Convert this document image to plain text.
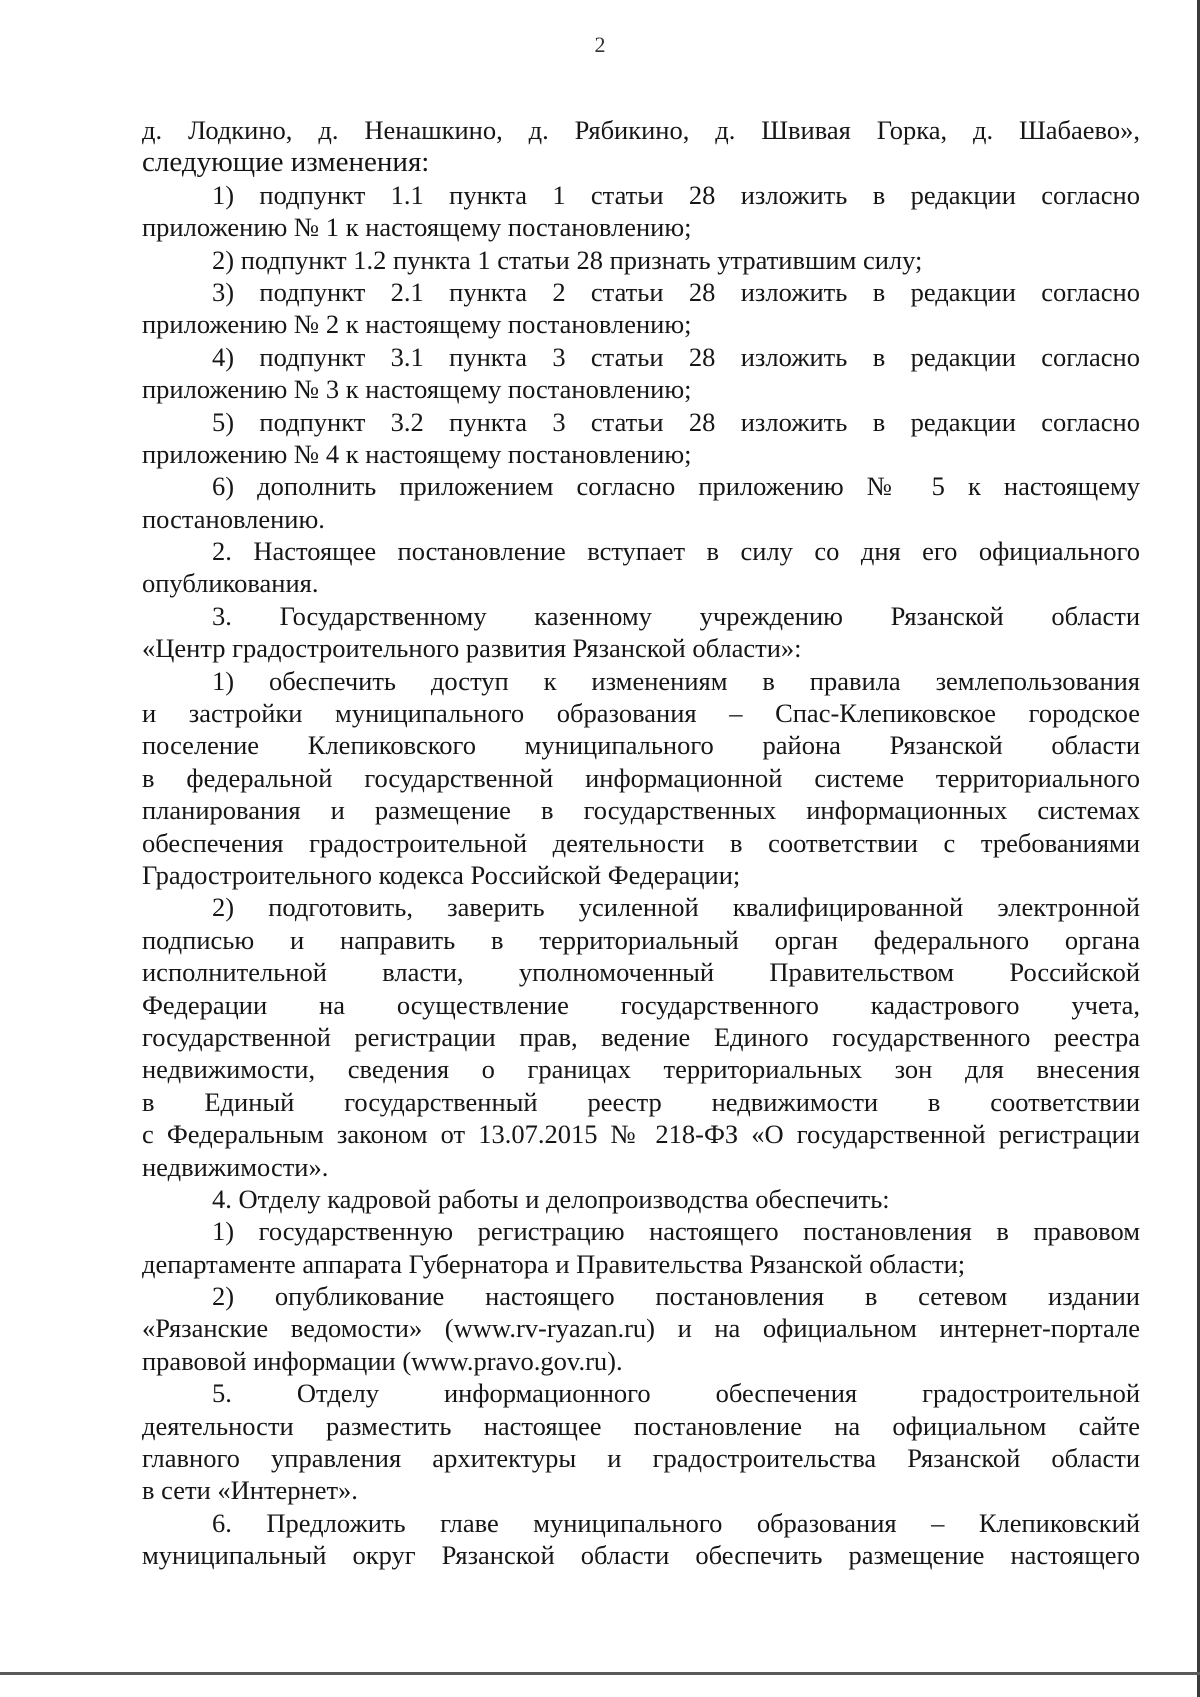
2
д. Лодкино, д. Ненашкино, д. Рябикино, д. Швивая Горка, д. Шабаево»,
следующие изменения:
1) подпункт 1.1 пункта 1 статьи 28 изложить в редакции согласно
приложению № 1 к настоящему постановлению;
2) подпункт 1.2 пункта 1 статьи 28 признать утратившим силу;
3) подпункт 2.1 пункта 2 статьи 28 изложить в редакции согласно
приложению № 2 к настоящему постановлению;
4) подпункт 3.1 пункта 3 статьи 28 изложить в редакции согласно
приложению № 3 к настоящему постановлению;
5) подпункт 3.2 пункта 3 статьи 28 изложить в редакции согласно
приложению № 4 к настоящему постановлению;
6) дополнить приложением согласно приложению № 5 к настоящему
постановлению.
2. Настоящее постановление вступает в силу со дня его официального
опубликования.
3. Государственному казенному учреждению Рязанской области
«Центр градостроительного развития Рязанской области»:
1) обеспечить доступ к изменениям в правила землепользования
и застройки муниципального образования – Спас-Клепиковское городское
поселение Клепиковского муниципального района Рязанской области
в федеральной государственной информационной системе территориального
планирования и размещение в государственных информационных системах
обеспечения градостроительной деятельности в соответствии с требованиями
Градостроительного кодекса Российской Федерации;
2) подготовить, заверить усиленной квалифицированной электронной
подписью и направить в территориальный орган федерального органа
исполнительной власти, уполномоченный Правительством Российской
Федерации на осуществление государственного кадастрового учета,
государственной регистрации прав, ведение Единого государственного реестра
недвижимости, сведения о границах территориальных зон для внесения
в Единый государственный реестр недвижимости в соответствии
с Федеральным законом от 13.07.2015 № 218-ФЗ «О государственной регистрации
недвижимости».
4. Отделу кадровой работы и делопроизводства обеспечить:
1) государственную регистрацию настоящего постановления в правовом
департаменте аппарата Губернатора и Правительства Рязанской области;
2) опубликование настоящего постановления в сетевом издании
«Рязанские ведомости» (www.rv-ryazan.ru) и на официальном интернет-портале
правовой информации (www.pravo.gov.ru).
5. Отделу информационного обеспечения градостроительной
деятельности разместить настоящее постановление на официальном сайте
главного управления архитектуры и градостроительства Рязанской области
в сети «Интернет».
6. Предложить главе муниципального образования – Клепиковский
муниципальный округ Рязанской области обеспечить размещение настоящего
